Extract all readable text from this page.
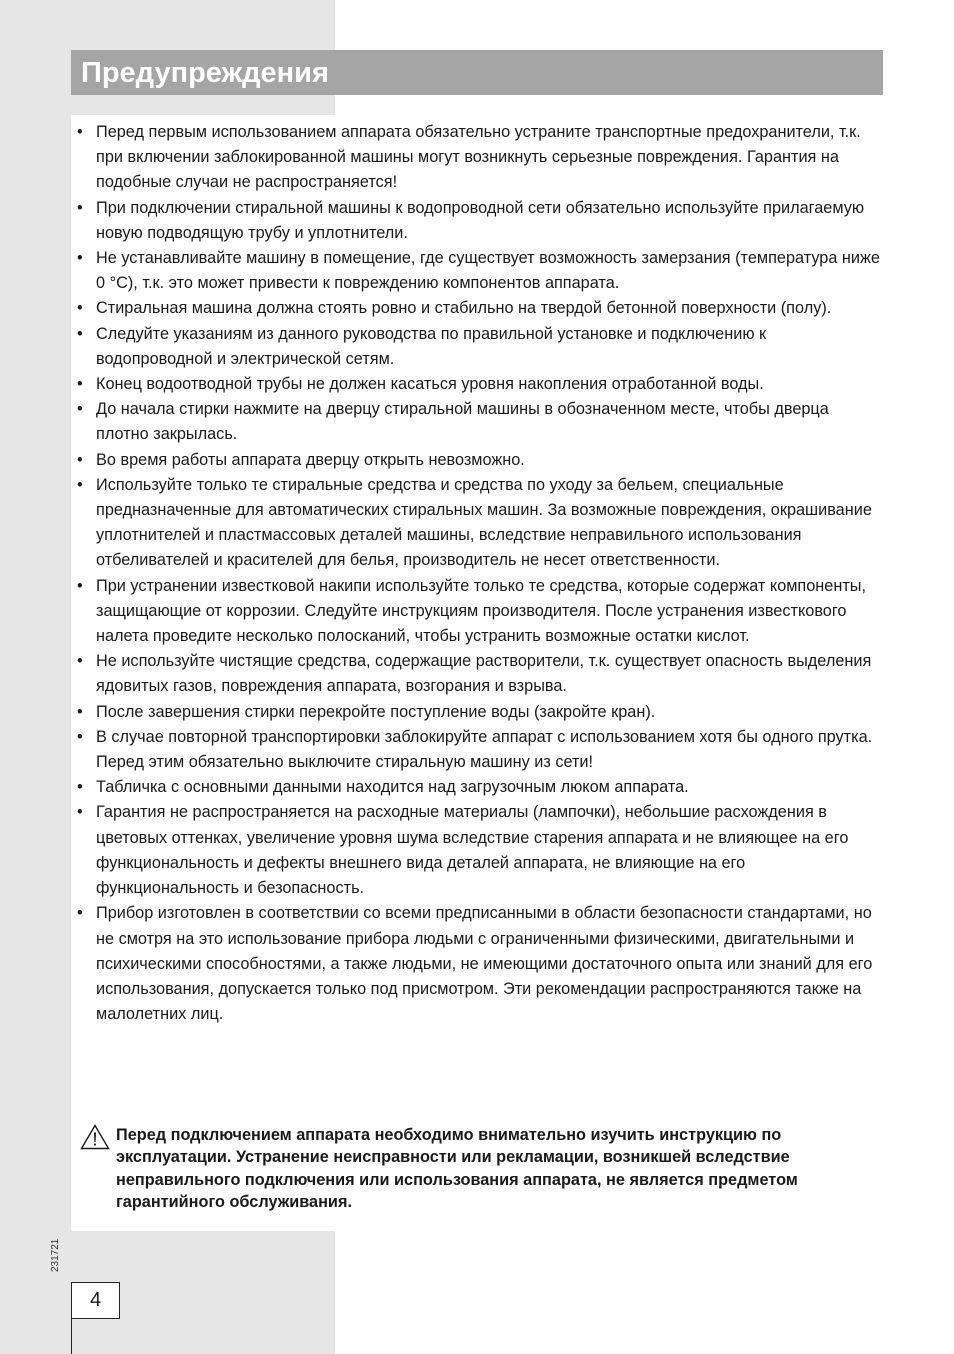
Предупреждения
• Перед первым использованием аппарата обязательно устраните транспортные предохранители, т.к. при включении заблокированной машины могут возникнуть серьезные повреждения. Гарантия на подобные случаи не распространяется!
• При подключении стиральной машины к водопроводной сети обязательно используйте прилагаемую новую подводящую трубу и уплотнители.
• Не устанавливайте машину в помещение, где существует возможность замерзания (температура ниже 0 °C), т.к. это может привести к повреждению компонентов аппарата.
• Стиральная машина должна стоять ровно и стабильно на твердой бетонной поверхности (полу).
• Следуйте указаниям из данного руководства по правильной установке и подключению к водопроводной и электрической сетям.
• Конец водоотводной трубы не должен касаться уровня накопления отработанной воды.
• До начала стирки нажмите на дверцу стиральной машины в обозначенном месте, чтобы дверца плотно закрылась.
• Во время работы аппарата дверцу открыть невозможно.
• Используйте только те стиральные средства и средства по уходу за бельем, специальные предназначенные для автоматических стиральных машин. За возможные повреждения, окрашивание уплотнителей и пластмассовых деталей машины, вследствие неправильного использования отбеливателей и красителей для белья, производитель не несет ответственности.
• При устранении известковой накипи используйте только те средства, которые содержат компоненты, защищающие от коррозии. Следуйте инструкциям производителя. После устранения известкового налета проведите несколько полосканий, чтобы устранить возможные остатки кислот.
• Не используйте чистящие средства, содержащие растворители, т.к. существует опасность выделения ядовитых газов, повреждения аппарата, возгорания и взрыва.
• После завершения стирки перекройте поступление воды (закройте кран).
• В случае повторной транспортировки заблокируйте аппарат с использованием хотя бы одного прутка. Перед этим обязательно выключите стиральную машину из сети!
• Табличка с основными данными находится над загрузочным люком аппарата.
• Гарантия не распространяется на расходные материалы (лампочки), небольшие расхождения в цветовых оттенках, увеличение уровня шума вследствие старения аппарата и не влияющее на его функциональность и дефекты внешнего вида деталей аппарата, не влияющие на его функциональность и безопасность.
• Прибор изготовлен в соответствии со всеми предписанными в области безопасности стандартами, но не смотря на это использование прибора людьми с ограниченными физическими, двигательными и психическими способностями, а также людьми, не имеющими достаточного опыта или знаний для его использования, допускается только под присмотром. Эти рекомендации распространяются также на малолетних лиц.

Перед подключением аппарата необходимо внимательно изучить инструкцию по эксплуатации. Устранение неисправности или рекламации, возникшей вследствие неправильного подключения или использования аппарата, не является предметом гарантийного обслуживания.

231721
4
